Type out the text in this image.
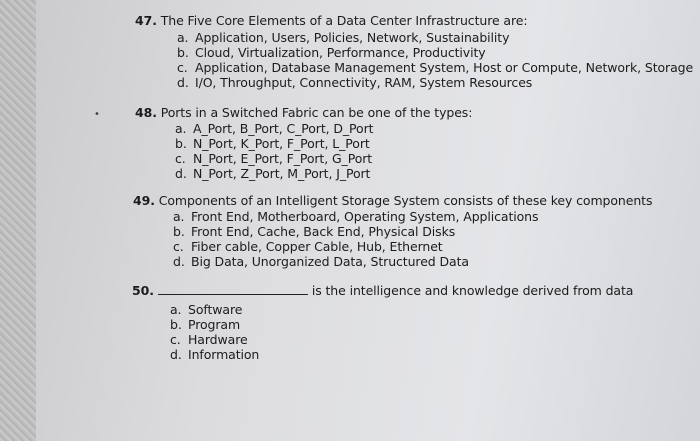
•
47. The Five Core Elements of a Data Center Infrastructure are:
a. Application, Users, Policies, Network, Sustainability
b. Cloud, Virtualization, Performance, Productivity
c. Application, Database Management System, Host or Compute, Network, Storage
d. I/O, Throughput, Connectivity, RAM, System Resources
48. Ports in a Switched Fabric can be one of the types:
a. A_Port, B_Port, C_Port, D_Port
b. N_Port, K_Port, F_Port, L_Port
c. N_Port, E_Port, F_Port, G_Port
d. N_Port, Z_Port, M_Port, J_Port
49. Components of an Intelligent Storage System consists of these key components
a. Front End, Motherboard, Operating System, Applications
b. Front End, Cache, Back End, Physical Disks
c. Fiber cable, Copper Cable, Hub, Ethernet
d. Big Data, Unorganized Data, Structured Data
50.	is the intelligence and knowledge derived from data
a. Software
b. Program
c. Hardware
d. Information
